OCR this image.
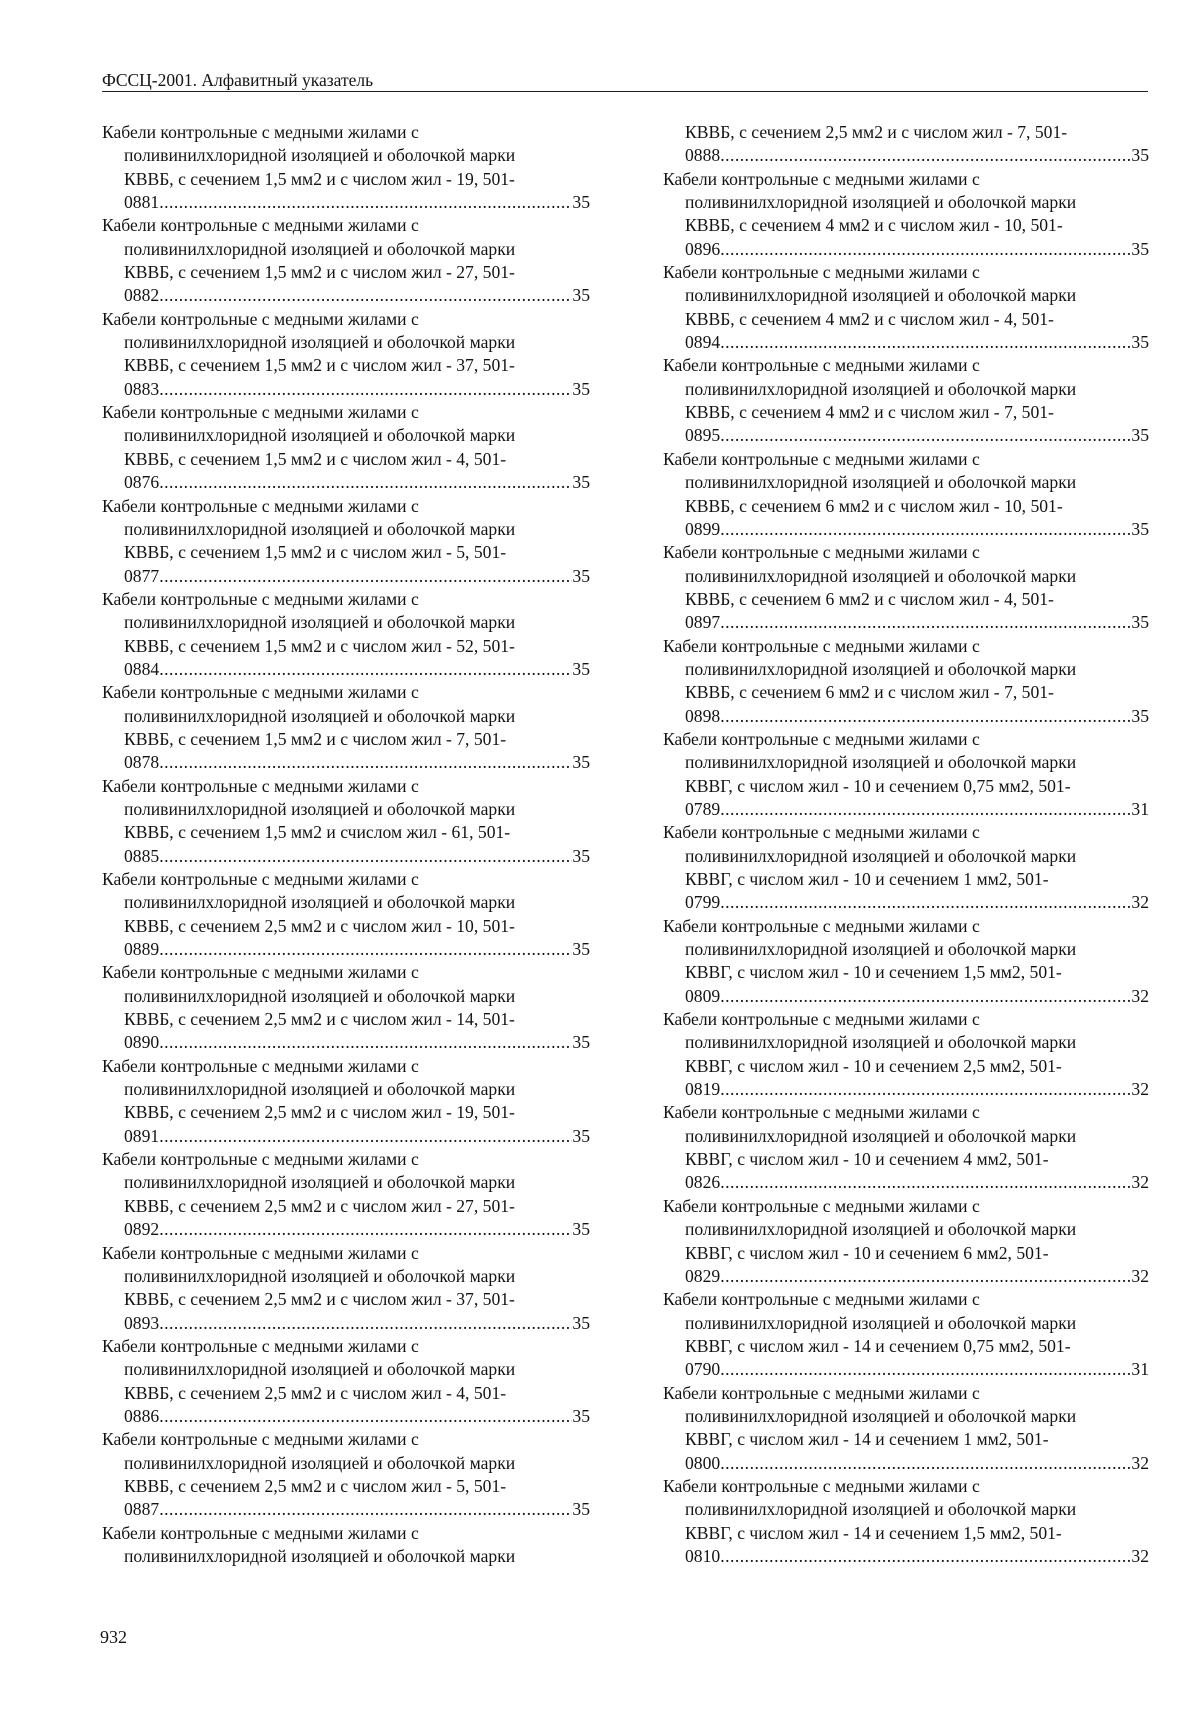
ФССЦ-2001. Алфавитный указатель
Кабели контрольные с медными жилами с
поливинилхлоридной изоляцией и оболочкой марки
КВВБ, с сечением 1,5 мм2 и с числом жил - 19, 501-
0881 .....	35
Кабели контрольные с медными жилами с
поливинилхлоридной изоляцией и оболочкой марки
КВВБ, с сечением 1,5 мм2 и с числом жил - 27, 501-
0882 .....	35
Кабели контрольные с медными жилами с
поливинилхлоридной изоляцией и оболочкой марки
КВВБ, с сечением 1,5 мм2 и с числом жил - 37, 501-
0883 .....	35
Кабели контрольные с медными жилами с
поливинилхлоридной изоляцией и оболочкой марки
КВВБ, с сечением 1,5 мм2 и с числом жил - 4, 501-
0876 .....	35
Кабели контрольные с медными жилами с
поливинилхлоридной изоляцией и оболочкой марки
КВВБ, с сечением 1,5 мм2 и с числом жил - 5, 501-
0877 .....	35
Кабели контрольные с медными жилами с
поливинилхлоридной изоляцией и оболочкой марки
КВВБ, с сечением 1,5 мм2 и с числом жил - 52, 501-
0884 .....	35
Кабели контрольные с медными жилами с
поливинилхлоридной изоляцией и оболочкой марки
КВВБ, с сечением 1,5 мм2 и с числом жил - 7, 501-
0878 .....	35
Кабели контрольные с медными жилами с
поливинилхлоридной изоляцией и оболочкой марки
КВВБ, с сечением 1,5 мм2 и счислом жил - 61, 501-
0885 .....	35
Кабели контрольные с медными жилами с
поливинилхлоридной изоляцией и оболочкой марки
КВВБ, с сечением 2,5 мм2 и с числом жил - 10, 501-
0889 .....	35
Кабели контрольные с медными жилами с
поливинилхлоридной изоляцией и оболочкой марки
КВВБ, с сечением 2,5 мм2 и с числом жил - 14, 501-
0890 .....	35
Кабели контрольные с медными жилами с
поливинилхлоридной изоляцией и оболочкой марки
КВВБ, с сечением 2,5 мм2 и с числом жил - 19, 501-
0891 .....	35
Кабели контрольные с медными жилами с
поливинилхлоридной изоляцией и оболочкой марки
КВВБ, с сечением 2,5 мм2 и с числом жил - 27, 501-
0892 .....	35
Кабели контрольные с медными жилами с
поливинилхлоридной изоляцией и оболочкой марки
КВВБ, с сечением 2,5 мм2 и с числом жил - 37, 501-
0893 .....	35
Кабели контрольные с медными жилами с
поливинилхлоридной изоляцией и оболочкой марки
КВВБ, с сечением 2,5 мм2 и с числом жил - 4, 501-
0886 .....	35
Кабели контрольные с медными жилами с
поливинилхлоридной изоляцией и оболочкой марки
КВВБ, с сечением 2,5 мм2 и с числом жил - 5, 501-
0887 .....	35
Кабели контрольные с медными жилами с
поливинилхлоридной изоляцией и оболочкой марки
КВВБ, с сечением 2,5 мм2 и с числом жил - 7, 501-
0888 .....	35
Кабели контрольные с медными жилами с
поливинилхлоридной изоляцией и оболочкой марки
КВВБ, с сечением 4 мм2 и с числом жил - 10, 501-
0896 .....	35
Кабели контрольные с медными жилами с
поливинилхлоридной изоляцией и оболочкой марки
КВВБ, с сечением 4 мм2 и с числом жил - 4, 501-
0894 .....	35
Кабели контрольные с медными жилами с
поливинилхлоридной изоляцией и оболочкой марки
КВВБ, с сечением 4 мм2 и с числом жил - 7, 501-
0895 .....	35
Кабели контрольные с медными жилами с
поливинилхлоридной изоляцией и оболочкой марки
КВВБ, с сечением 6 мм2 и с числом жил - 10, 501-
0899 .....	35
Кабели контрольные с медными жилами с
поливинилхлоридной изоляцией и оболочкой марки
КВВБ, с сечением 6 мм2 и с числом жил - 4, 501-
0897 .....	35
Кабели контрольные с медными жилами с
поливинилхлоридной изоляцией и оболочкой марки
КВВБ, с сечением 6 мм2 и с числом жил - 7, 501-
0898 .....	35
Кабели контрольные с медными жилами с
поливинилхлоридной изоляцией и оболочкой марки
КВВГ, с числом жил - 10 и сечением 0,75 мм2, 501-
0789 .....	31
Кабели контрольные с медными жилами с
поливинилхлоридной изоляцией и оболочкой марки
КВВГ, с числом жил - 10 и сечением 1 мм2, 501-
0799 .....	32
Кабели контрольные с медными жилами с
поливинилхлоридной изоляцией и оболочкой марки
КВВГ, с числом жил - 10 и сечением 1,5 мм2, 501-
0809 .....	32
Кабели контрольные с медными жилами с
поливинилхлоридной изоляцией и оболочкой марки
КВВГ, с числом жил - 10 и сечением 2,5 мм2, 501-
0819 .....	32
Кабели контрольные с медными жилами с
поливинилхлоридной изоляцией и оболочкой марки
КВВГ, с числом жил - 10 и сечением 4 мм2, 501-
0826 .....	32
Кабели контрольные с медными жилами с
поливинилхлоридной изоляцией и оболочкой марки
КВВГ, с числом жил - 10 и сечением 6 мм2, 501-
0829 .....	32
Кабели контрольные с медными жилами с
поливинилхлоридной изоляцией и оболочкой марки
КВВГ, с числом жил - 14 и сечением 0,75 мм2, 501-
0790 .....	31
Кабели контрольные с медными жилами с
поливинилхлоридной изоляцией и оболочкой марки
КВВГ, с числом жил - 14 и сечением 1 мм2, 501-
0800 .....	32
Кабели контрольные с медными жилами с
поливинилхлоридной изоляцией и оболочкой марки
КВВГ, с числом жил - 14 и сечением 1,5 мм2, 501-
0810 .....	32
932
